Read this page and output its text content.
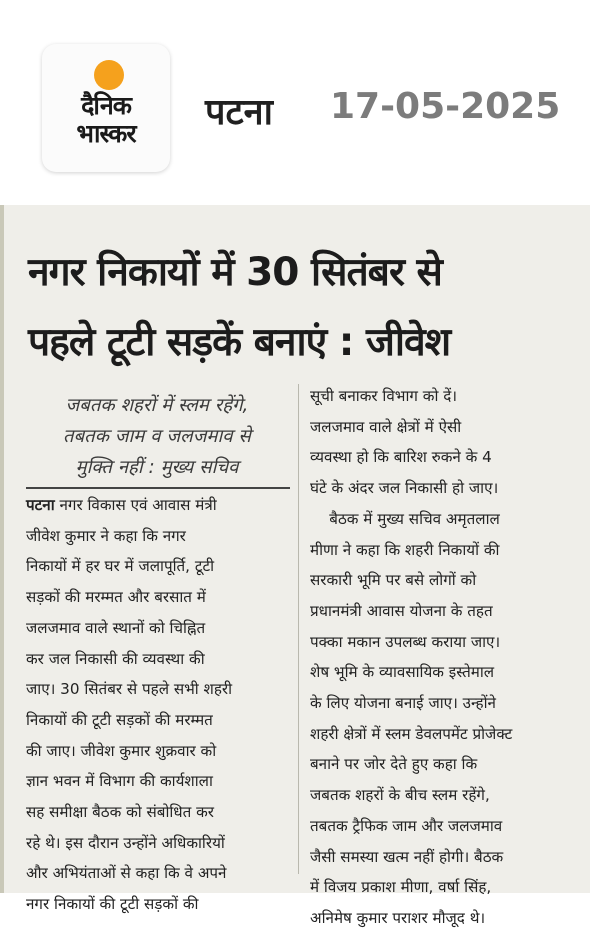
दैनिक
भास्कर
पटना 17-05-2025
नगर निकायों में 30 सितंबर से
पहले टूटी सड़कें बनाएं : जीवेश
जबतक शहरों में स्लम रहेंगे,
तबतक जाम व जलजमाव से
मुक्ति नहीं : मुख्य सचिव
पटना नगर विकास एवं आवास मंत्री
जीवेश कुमार ने कहा कि नगर
निकायों में हर घर में जलापूर्ति, टूटी
सड़कों की मरम्मत और बरसात में
जलजमाव वाले स्थानों को चिह्नित
कर जल निकासी की व्यवस्था की
जाए। 30 सितंबर से पहले सभी शहरी
निकायों की टूटी सड़कों की मरम्मत
की जाए। जीवेश कुमार शुक्रवार को
ज्ञान भवन में विभाग की कार्यशाला
सह समीक्षा बैठक को संबोधित कर
रहे थे। इस दौरान उन्होंने अधिकारियों
और अभियंताओं से कहा कि वे अपने
नगर निकायों की टूटी सड़कों की
सूची बनाकर विभाग को दें।
जलजमाव वाले क्षेत्रों में ऐसी
व्यवस्था हो कि बारिश रुकने के 4
घंटे के अंदर जल निकासी हो जाए।
बैठक में मुख्य सचिव अमृतलाल
मीणा ने कहा कि शहरी निकायों की
सरकारी भूमि पर बसे लोगों को
प्रधानमंत्री आवास योजना के तहत
पक्का मकान उपलब्ध कराया जाए।
शेष भूमि के व्यावसायिक इस्तेमाल
के लिए योजना बनाई जाए। उन्होंने
शहरी क्षेत्रों में स्लम डेवलपमेंट प्रोजेक्ट
बनाने पर जोर देते हुए कहा कि
जबतक शहरों के बीच स्लम रहेंगे,
तबतक ट्रैफिक जाम और जलजमाव
जैसी समस्या खत्म नहीं होगी। बैठक
में विजय प्रकाश मीणा, वर्षा सिंह,
अनिमेष कुमार पराशर मौजूद थे।
